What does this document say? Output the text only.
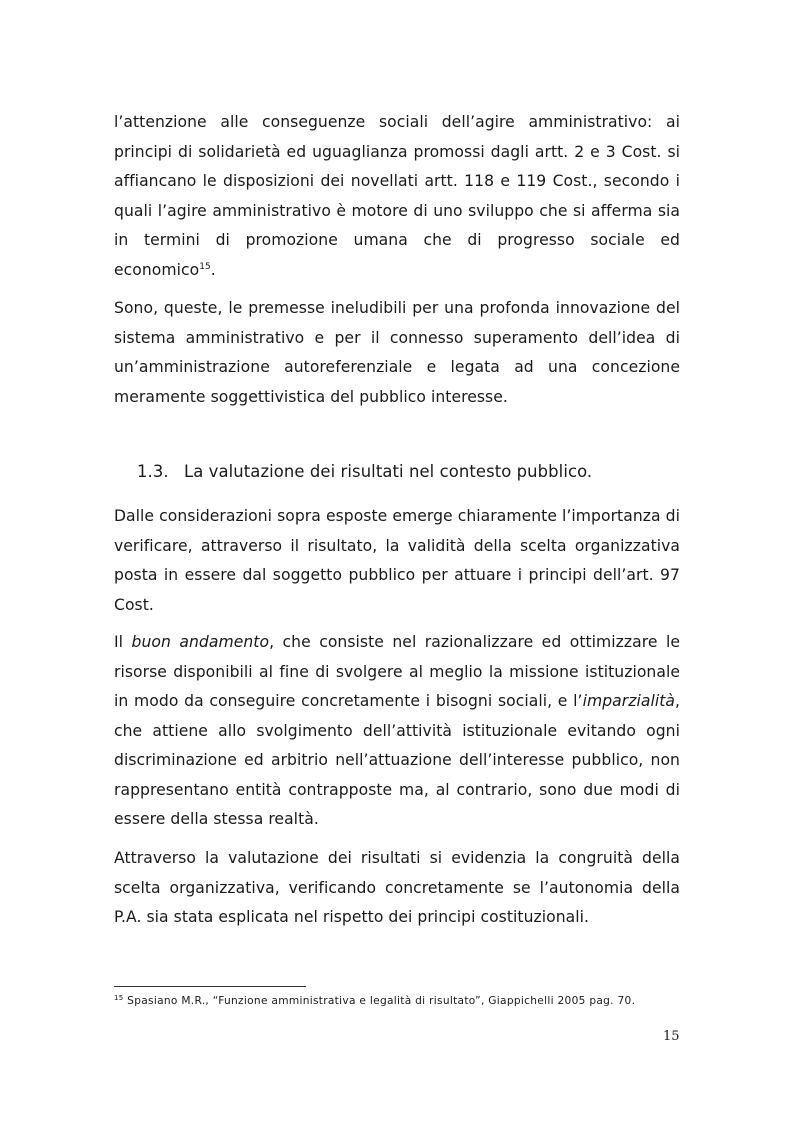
l’attenzione alle conseguenze sociali dell’agire amministrativo: ai principi di solidarietà ed uguaglianza promossi dagli artt. 2 e 3 Cost. si affiancano le disposizioni dei novellati artt. 118 e 119 Cost., secondo i quali l’agire amministrativo è motore di uno sviluppo che si afferma sia in termini di promozione umana che di progresso sociale ed economico$^{15}$.

Sono, queste, le premesse ineludibili per una profonda innovazione del sistema amministrativo e per il connesso superamento dell’idea di un’amministrazione autoreferenziale e legata ad una concezione meramente soggettivistica del pubblico interesse.

1.3. La valutazione dei risultati nel contesto pubblico.

Dalle considerazioni sopra esposte emerge chiaramente l’importanza di verificare, attraverso il risultato, la validità della scelta organizzativa posta in essere dal soggetto pubblico per attuare i principi dell’art. 97 Cost.

Il buon andamento, che consiste nel razionalizzare ed ottimizzare le risorse disponibili al fine di svolgere al meglio la missione istituzionale in modo da conseguire concretamente i bisogni sociali, e l’imparzialità, che attiene allo svolgimento dell’attività istituzionale evitando ogni discriminazione ed arbitrio nell’attuazione dell’interesse pubblico, non rappresentano entità contrapposte ma, al contrario, sono due modi di essere della stessa realtà.

Attraverso la valutazione dei risultati si evidenzia la congruità della scelta organizzativa, verificando concretamente se l’autonomia della P.A. sia stata esplicata nel rispetto dei principi costituzionali.

$^{15}$ Spasiano M.R., “Funzione amministrativa e legalità di risultato”, Giappichelli 2005 pag. 70.
15
